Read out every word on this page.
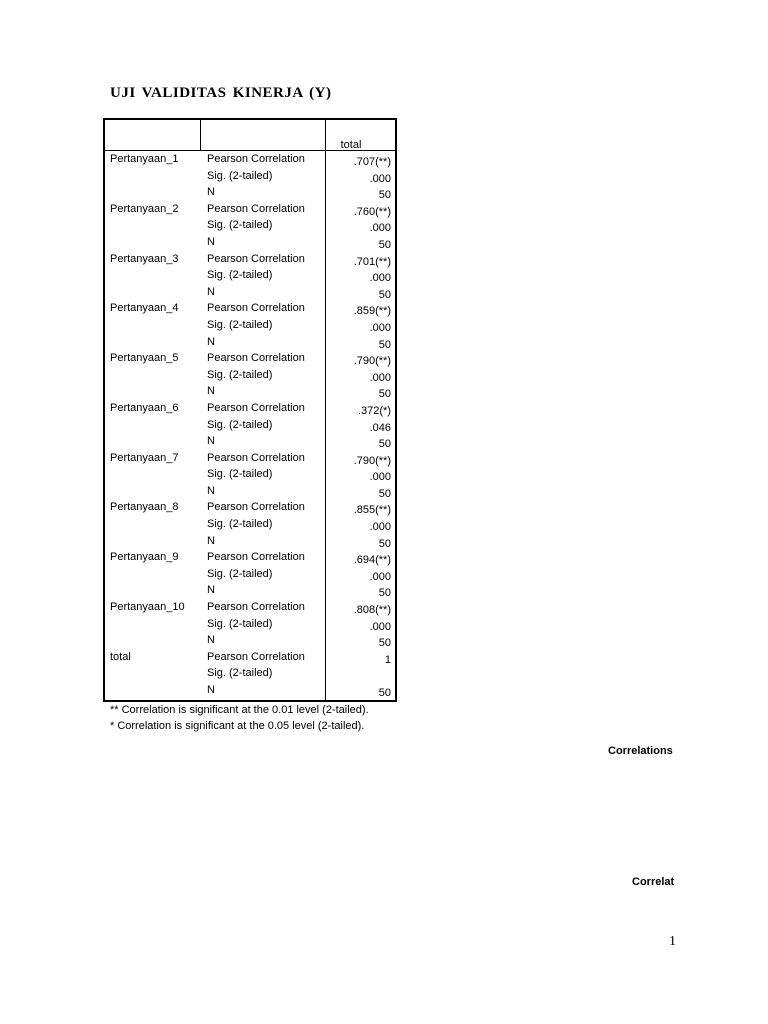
UJI VALIDITAS KINERJA (Y)
total
Pertanyaan_1	Pearson Correlation	.707(**)
Sig. (2-tailed)	.000
N	50
Pertanyaan_2	Pearson Correlation	.760(**)
Sig. (2-tailed)	.000
N	50
Pertanyaan_3	Pearson Correlation	.701(**)
Sig. (2-tailed)	.000
N	50
Pertanyaan_4	Pearson Correlation	.859(**)
Sig. (2-tailed)	.000
N	50
Pertanyaan_5	Pearson Correlation	.790(**)
Sig. (2-tailed)	.000
N	50
Pertanyaan_6	Pearson Correlation	.372(*)
Sig. (2-tailed)	.046
N	50
Pertanyaan_7	Pearson Correlation	.790(**)
Sig. (2-tailed)	.000
N	50
Pertanyaan_8	Pearson Correlation	.855(**)
Sig. (2-tailed)	.000
N	50
Pertanyaan_9	Pearson Correlation	.694(**)
Sig. (2-tailed)	.000
N	50
Pertanyaan_10 Pearson Correlation	.808(**)
Sig. (2-tailed)	.000
N	50
total	Pearson Correlation	1
Sig. (2-tailed)
N	50
** Correlation is significant at the 0.01 level (2-tailed).
* Correlation is significant at the 0.05 level (2-tailed).
Correlations
Correlat
1
